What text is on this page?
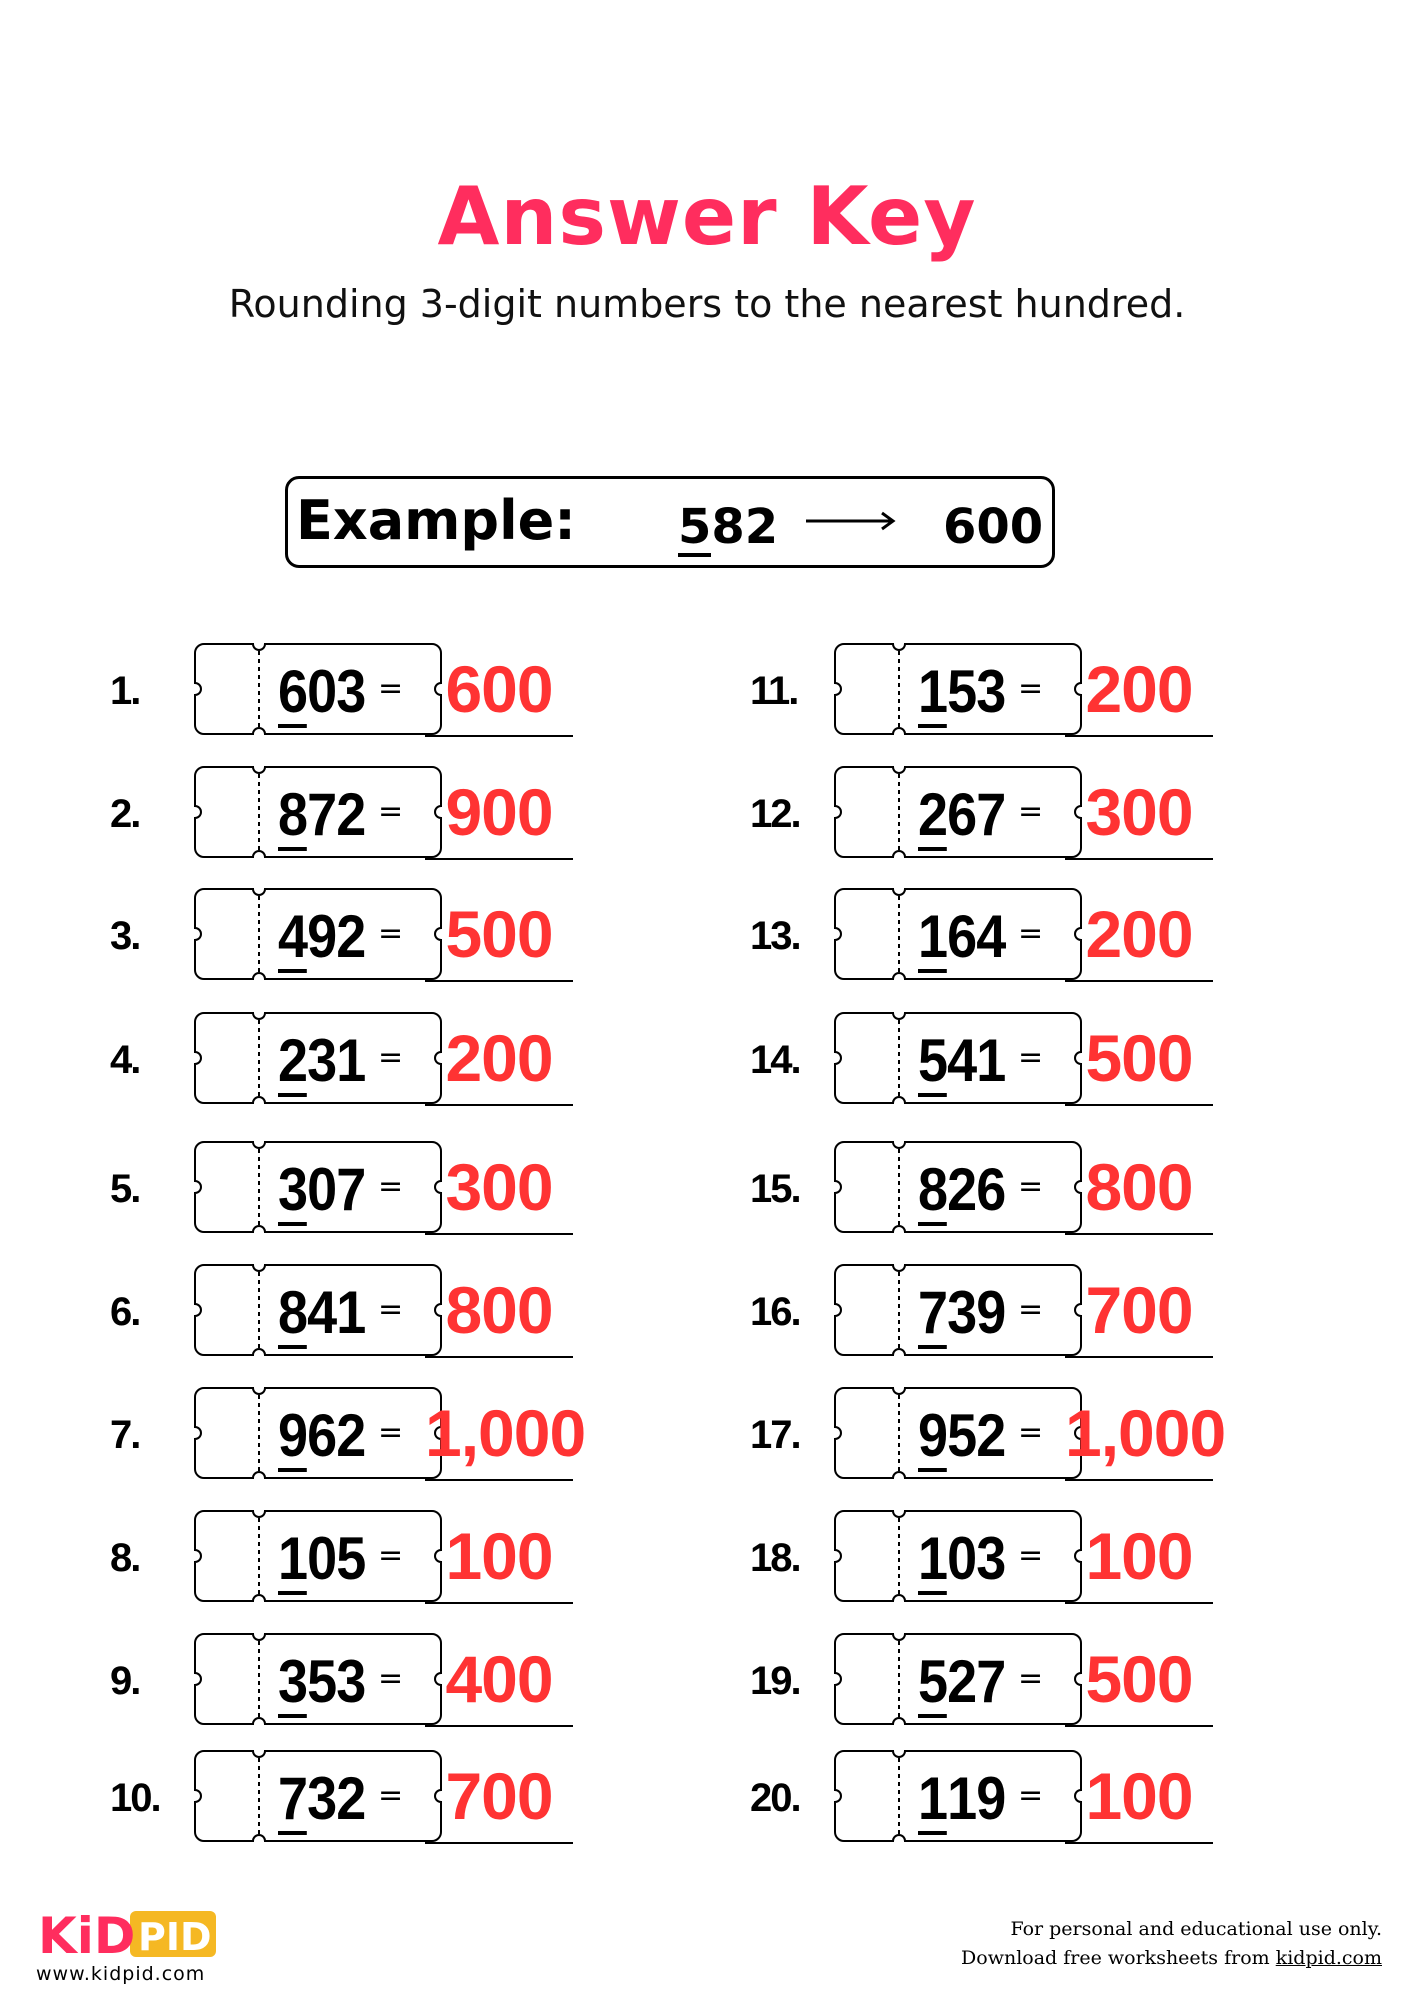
Answer Key
Rounding 3-digit numbers to the nearest hundred.
Example: 582	600
1. 603 = 600
2. 872 = 900
3. 492 = 500
4. 231 = 200
5. 307 = 300
6. 841 = 800
7. 962 = 1,000
8. 105 = 100
9. 353 = 400
10. 732 = 700
11. 153 = 200
12. 267 = 300
13. 164 = 200
14. 541 = 500
15. 826 = 800
16. 739 = 700
17. 952 = 1,000
18. 103 = 100
19. 527 = 500
20. 119 = 100
KiD PID
www.kidpid.com
For personal and educational use only.
Download free worksheets from kidpid.com
